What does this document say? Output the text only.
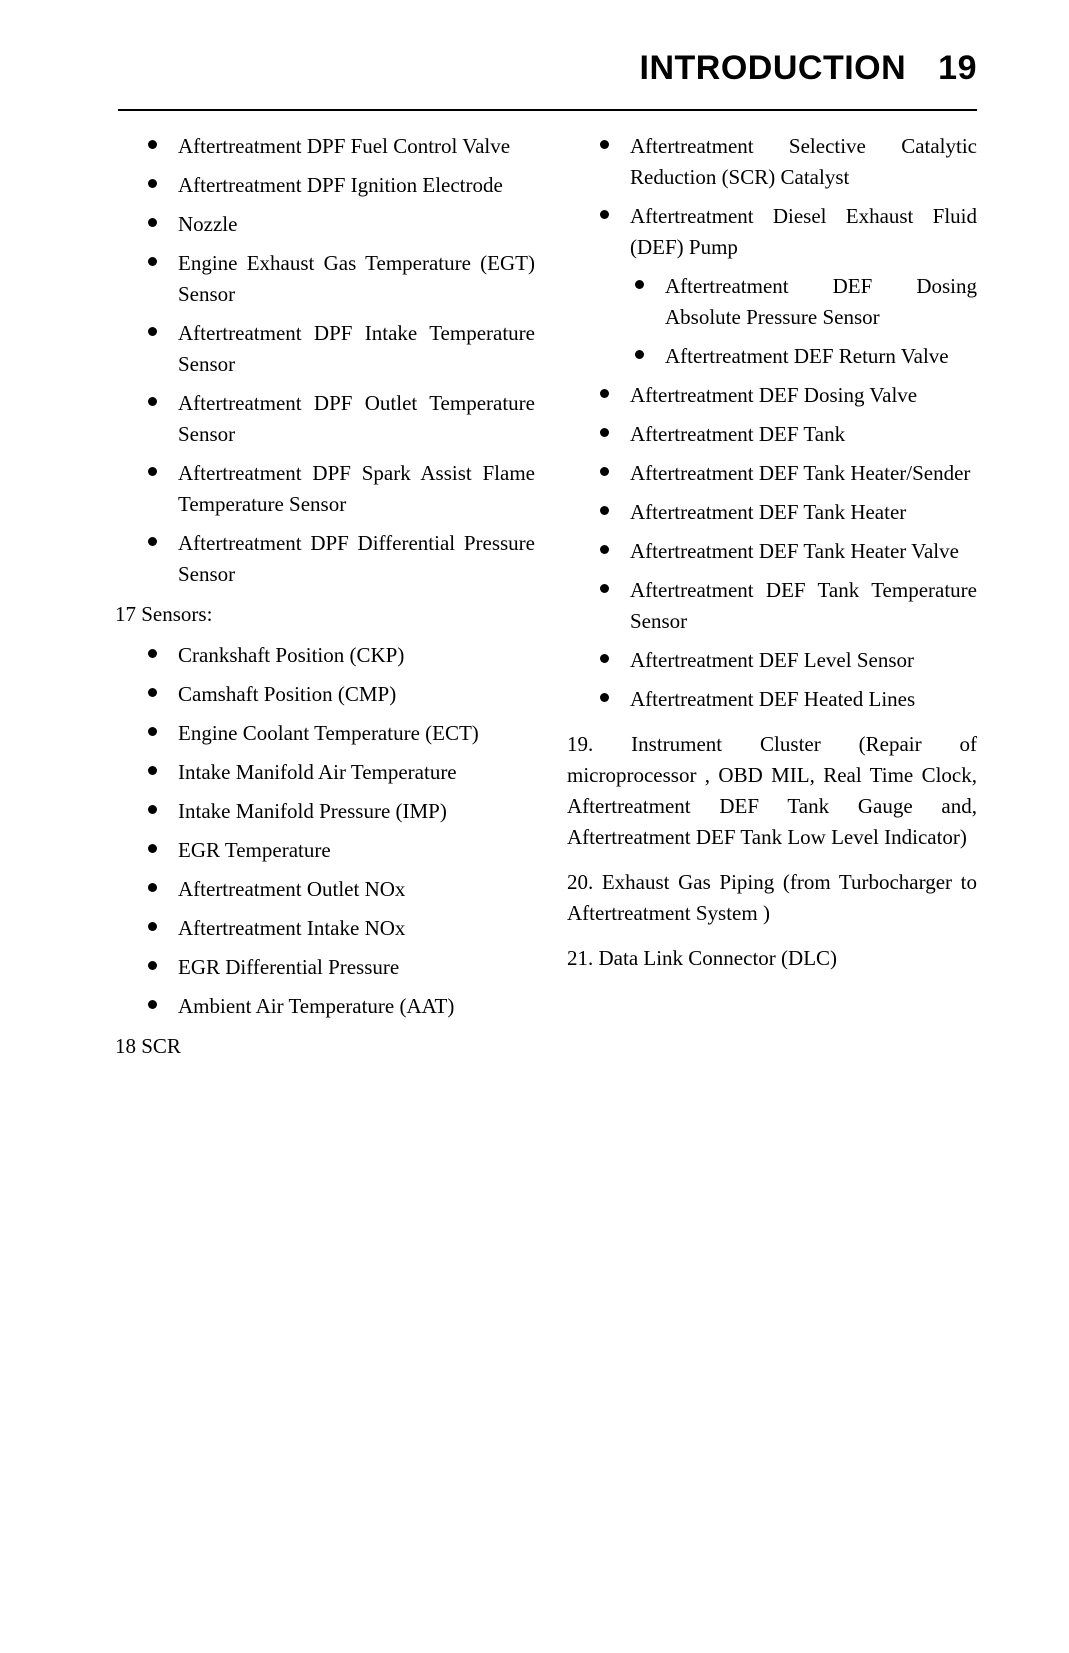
INTRODUCTION 19
Aftertreatment DPF Fuel Control Valve
Aftertreatment DPF Ignition Electrode
Nozzle
Engine Exhaust Gas Temperature (EGT) Sensor
Aftertreatment DPF Intake Temperature Sensor
Aftertreatment DPF Outlet Temperature Sensor
Aftertreatment DPF Spark Assist Flame Temperature Sensor
Aftertreatment DPF Differential Pressure Sensor

17 Sensors:

Crankshaft Position (CKP)
Camshaft Position (CMP)
Engine Coolant Temperature (ECT)
Intake Manifold Air Temperature
Intake Manifold Pressure (IMP)
EGR Temperature
Aftertreatment Outlet NOx
Aftertreatment Intake NOx
EGR Differential Pressure
Ambient Air Temperature (AAT)

18 SCR

Aftertreatment Selective Catalytic Reduction (SCR) Catalyst
Aftertreatment Diesel Exhaust Fluid (DEF) Pump
Aftertreatment DEF Dosing Absolute Pressure Sensor
Aftertreatment DEF Return Valve
Aftertreatment DEF Dosing Valve
Aftertreatment DEF Tank
Aftertreatment DEF Tank Heater/Sender
Aftertreatment DEF Tank Heater
Aftertreatment DEF Tank Heater Valve
Aftertreatment DEF Tank Temperature Sensor
Aftertreatment DEF Level Sensor
Aftertreatment DEF Heated Lines

19. Instrument Cluster (Repair of microprocessor , OBD MIL, Real Time Clock, Aftertreatment DEF Tank Gauge and, Aftertreatment DEF Tank Low Level Indicator)

20. Exhaust Gas Piping (from Turbocharger to Aftertreatment System )

21. Data Link Connector (DLC)
